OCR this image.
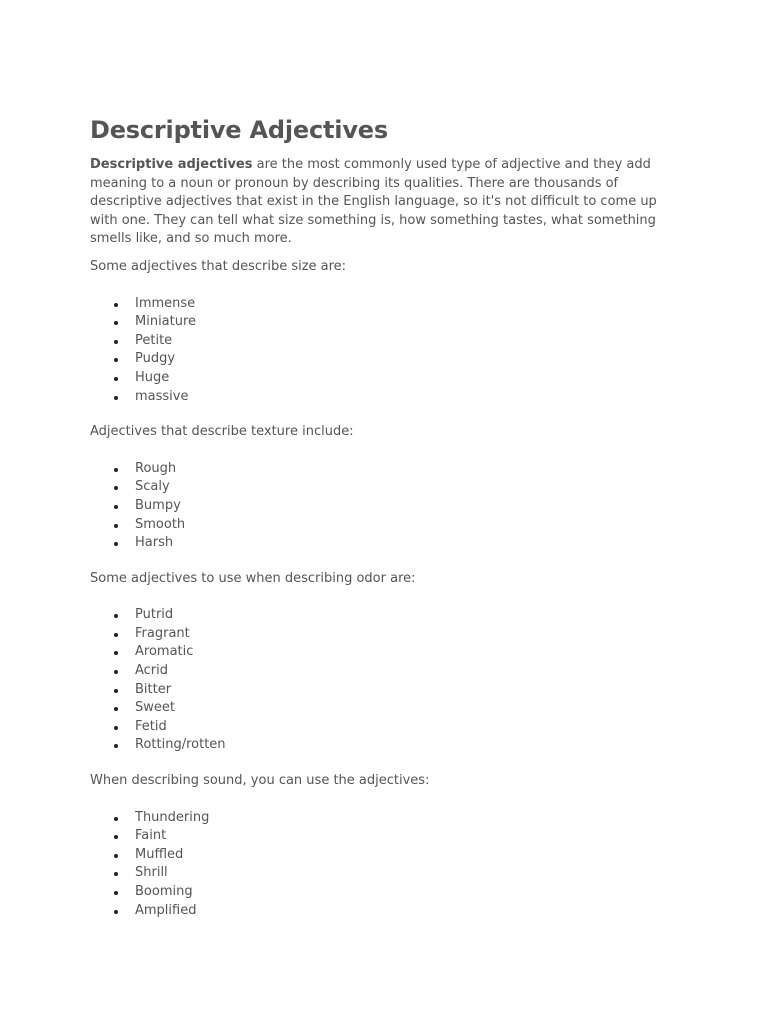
Descriptive Adjectives

Descriptive adjectives are the most commonly used type of adjective and they add meaning to a noun or pronoun by describing its qualities. There are thousands of descriptive adjectives that exist in the English language, so it's not difficult to come up with one. They can tell what size something is, how something tastes, what something smells like, and so much more.

Some adjectives that describe size are:

Immense
Miniature
Petite
Pudgy
Huge
massive

Adjectives that describe texture include:

Rough
Scaly
Bumpy
Smooth
Harsh

Some adjectives to use when describing odor are:

Putrid
Fragrant
Aromatic
Acrid
Bitter
Sweet
Fetid
Rotting/rotten

When describing sound, you can use the adjectives:

Thundering
Faint
Muffled
Shrill
Booming
Amplified
